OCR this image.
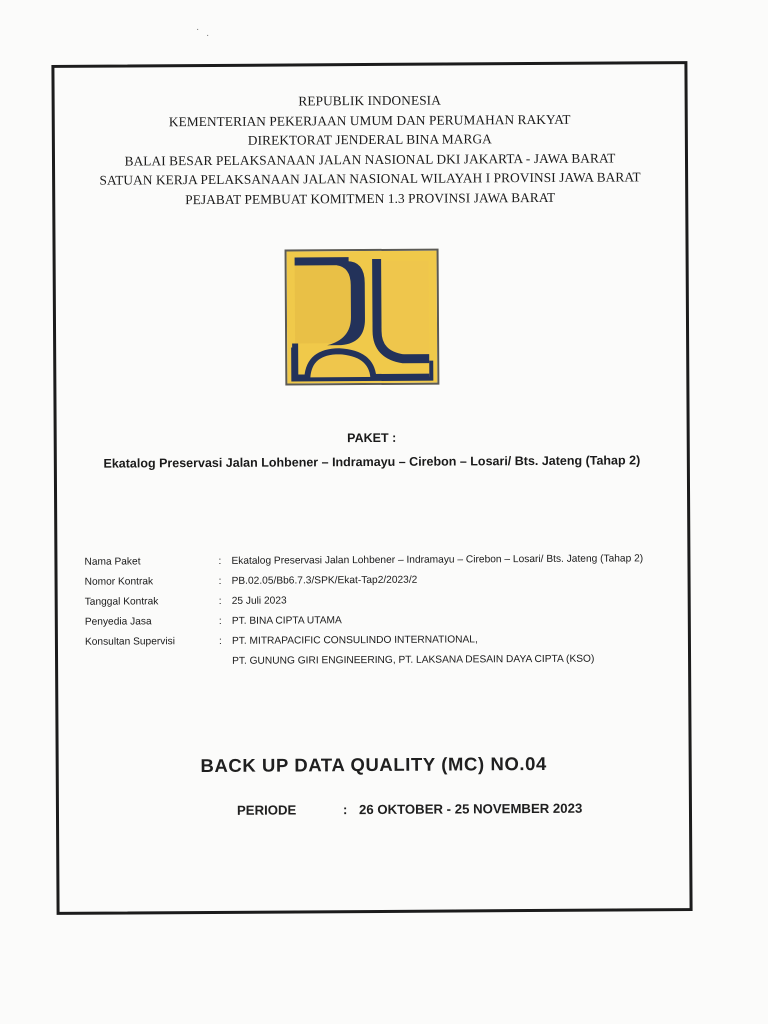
REPUBLIK INDONESIA
KEMENTERIAN PEKERJAAN UMUM DAN PERUMAHAN RAKYAT
DIREKTORAT JENDERAL BINA MARGA
BALAI BESAR PELAKSANAAN JALAN NASIONAL DKI JAKARTA - JAWA BARAT
SATUAN KERJA PELAKSANAAN JALAN NASIONAL WILAYAH I PROVINSI JAWA BARAT
PEJABAT PEMBUAT KOMITMEN 1.3 PROVINSI JAWA BARAT
PAKET :
Ekatalog Preservasi Jalan Lohbener – Indramayu – Cirebon – Losari/ Bts. Jateng (Tahap 2)
Nama Paket	: Ekatalog Preservasi Jalan Lohbener – Indramayu – Cirebon – Losari/ Bts. Jateng (Tahap 2)
Nomor Kontrak	: PB.02.05/Bb6.7.3/SPK/Ekat-Tap2/2023/2
Tanggal Kontrak	: 25 Juli 2023
Penyedia Jasa	: PT. BINA CIPTA UTAMA
Konsultan Supervisi	: PT. MITRAPACIFIC CONSULINDO INTERNATIONAL,
PT. GUNUNG GIRI ENGINEERING, PT. LAKSANA DESAIN DAYA CIPTA (KSO)
BACK UP DATA QUALITY (MC) NO.04
PERIODE	: 26 OKTOBER - 25 NOVEMBER 2023
·
·
